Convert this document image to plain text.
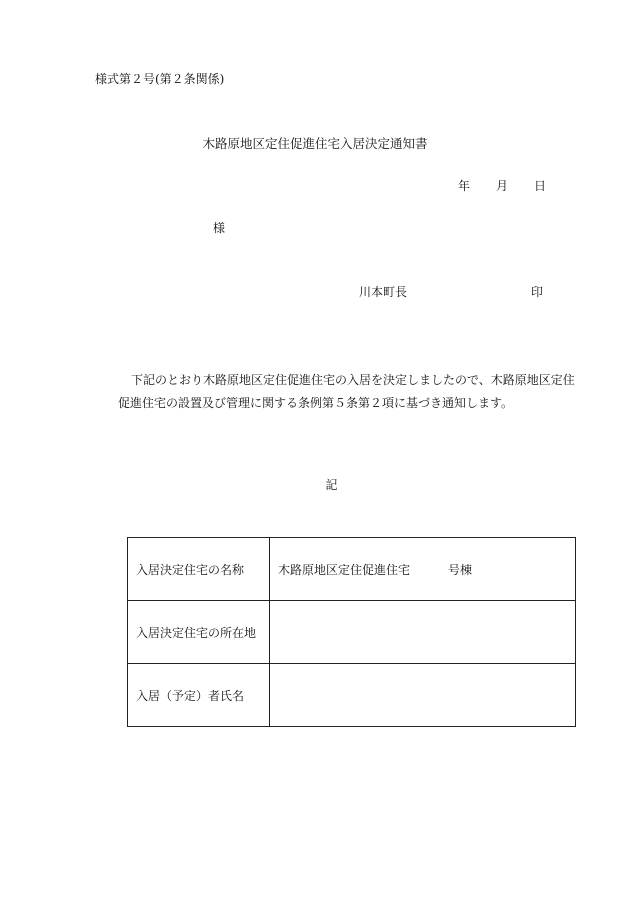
様式第２号(第２条関係)
木路原地区定住促進住宅入居決定通知書
年 月 日
様
川本町長	印
下記のとおり木路原地区定住促進住宅の入居を決定しましたので、木路原地区定住促進住宅の設置及び管理に関する条例第５条第２項に基づき通知します。
記
入居決定住宅の名称	木路原地区定住促進住宅 号棟
入居決定住宅の所在地	
入居（予定）者氏名	
